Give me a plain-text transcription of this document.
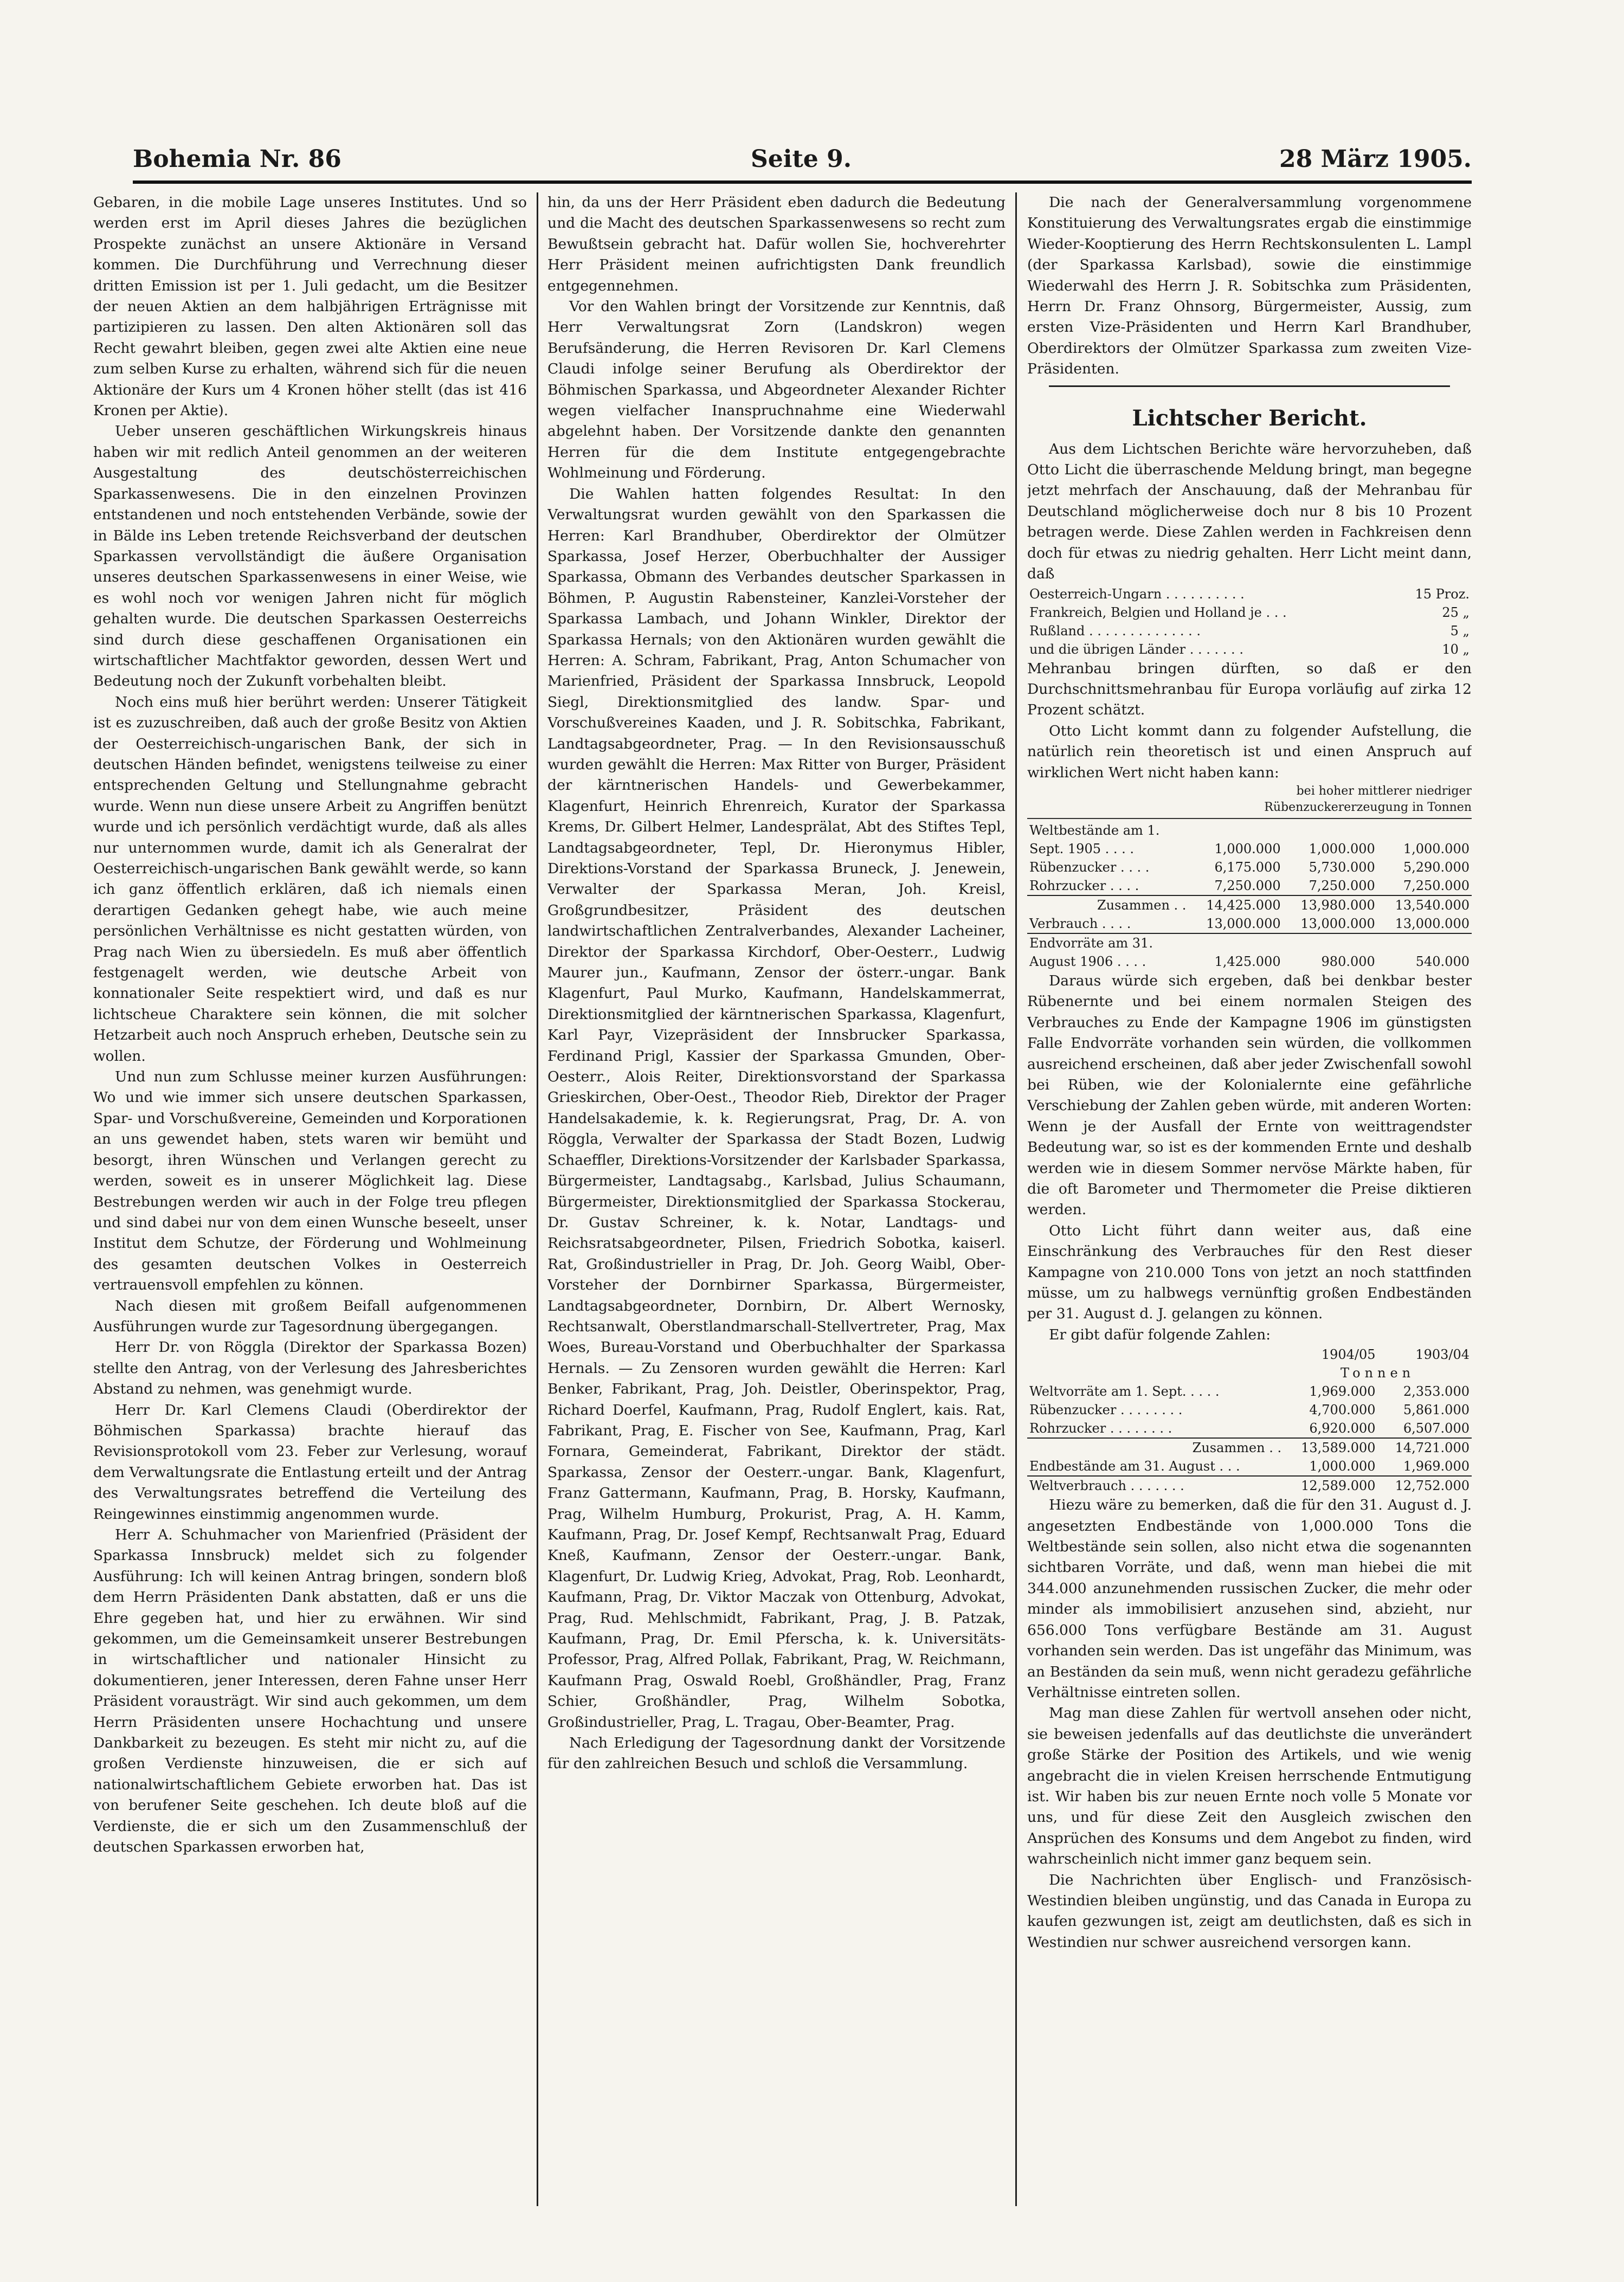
Bohemia Nr. 86	Seite 9.	28 März 1905.

Gebaren, in die mobile Lage unseres Institutes. Und so werden erst im April dieses Jahres die bezüglichen Prospekte zunächst an unsere Aktionäre in Versand kommen. Die Durchführung und Verrechnung dieser dritten Emission ist per 1. Juli gedacht, um die Besitzer der neuen Aktien an dem halbjährigen Erträgnisse mit partizipieren zu lassen. Den alten Aktionären soll das Recht gewahrt bleiben, gegen zwei alte Aktien eine neue zum selben Kurse zu erhalten, während sich für die neuen Aktionäre der Kurs um 4 Kronen höher stellt (das ist 416 Kronen per Aktie).

Ueber unseren geschäftlichen Wirkungskreis hinaus haben wir mit redlich Anteil genommen an der weiteren Ausgestaltung des deutschösterreichischen Sparkassenwesens. Die in den einzelnen Provinzen entstandenen und noch entstehenden Verbände, sowie der in Bälde ins Leben tretende Reichsverband der deutschen Sparkassen vervollständigt die äußere Organisation unseres deutschen Sparkassenwesens in einer Weise, wie es wohl noch vor wenigen Jahren nicht für möglich gehalten wurde. Die deutschen Sparkassen Oesterreichs sind durch diese geschaffenen Organisationen ein wirtschaftlicher Machtfaktor geworden, dessen Wert und Bedeutung noch der Zukunft vorbehalten bleibt.

Noch eins muß hier berührt werden: Unserer Tätigkeit ist es zuzuschreiben, daß auch der große Besitz von Aktien der Oesterreichisch-ungarischen Bank, der sich in deutschen Händen befindet, wenigstens teilweise zu einer entsprechenden Geltung und Stellungnahme gebracht wurde. Wenn nun diese unsere Arbeit zu Angriffen benützt wurde und ich persönlich verdächtigt wurde, daß als alles nur unternommen wurde, damit ich als Generalrat der Oesterreichisch-ungarischen Bank gewählt werde, so kann ich ganz öffentlich erklären, daß ich niemals einen derartigen Gedanken gehegt habe, wie auch meine persönlichen Verhältnisse es nicht gestatten würden, von Prag nach Wien zu übersiedeln. Es muß aber öffentlich festgenagelt werden, wie deutsche Arbeit von konnationaler Seite respektiert wird, und daß es nur lichtscheue Charaktere sein können, die mit solcher Hetzarbeit auch noch Anspruch erheben, Deutsche sein zu wollen.

Und nun zum Schlusse meiner kurzen Ausführungen: Wo und wie immer sich unsere deutschen Sparkassen, Spar- und Vorschußvereine, Gemeinden und Korporationen an uns gewendet haben, stets waren wir bemüht und besorgt, ihren Wünschen und Verlangen gerecht zu werden, soweit es in unserer Möglichkeit lag. Diese Bestrebungen werden wir auch in der Folge treu pflegen und sind dabei nur von dem einen Wunsche beseelt, unser Institut dem Schutze, der Förderung und Wohlmeinung des gesamten deutschen Volkes in Oesterreich vertrauensvoll empfehlen zu können.

Nach diesen mit großem Beifall aufgenommenen Ausführungen wurde zur Tagesordnung übergegangen.

Herr Dr. von Röggla (Direktor der Sparkassa Bozen) stellte den Antrag, von der Verlesung des Jahresberichtes Abstand zu nehmen, was genehmigt wurde.

Herr Dr. Karl Clemens Claudi (Oberdirektor der Böhmischen Sparkassa) brachte hierauf das Revisionsprotokoll vom 23. Feber zur Verlesung, worauf dem Verwaltungsrate die Entlastung erteilt und der Antrag des Verwaltungsrates betreffend die Verteilung des Reingewinnes einstimmig angenommen wurde.

Herr A. Schuhmacher von Marienfried (Präsident der Sparkassa Innsbruck) meldet sich zu folgender Ausführung: Ich will keinen Antrag bringen, sondern bloß dem Herrn Präsidenten Dank abstatten, daß er uns die Ehre gegeben hat, und hier zu erwähnen. Wir sind gekommen, um die Gemeinsamkeit unserer Bestrebungen in wirtschaftlicher und nationaler Hinsicht zu dokumentieren, jener Interessen, deren Fahne unser Herr Präsident vorausträgt. Wir sind auch gekommen, um dem Herrn Präsidenten unsere Hochachtung und unsere Dankbarkeit zu bezeugen. Es steht mir nicht zu, auf die großen Verdienste hinzuweisen, die er sich auf nationalwirtschaftlichem Gebiete erworben hat. Das ist von berufener Seite geschehen. Ich deute bloß auf die Verdienste, die er sich um den Zusammenschluß der deutschen Sparkassen erworben hat,

hin, da uns der Herr Präsident eben dadurch die Bedeutung und die Macht des deutschen Sparkassenwesens so recht zum Bewußtsein gebracht hat. Dafür wollen Sie, hochverehrter Herr Präsident meinen aufrichtigsten Dank freundlich entgegennehmen.

Vor den Wahlen bringt der Vorsitzende zur Kenntnis, daß Herr Verwaltungsrat Zorn (Landskron) wegen Berufsänderung, die Herren Revisoren Dr. Karl Clemens Claudi infolge seiner Berufung als Oberdirektor der Böhmischen Sparkassa, und Abgeordneter Alexander Richter wegen vielfacher Inanspruchnahme eine Wiederwahl abgelehnt haben. Der Vorsitzende dankte den genannten Herren für die dem Institute entgegengebrachte Wohlmeinung und Förderung.

Die Wahlen hatten folgendes Resultat: In den Verwaltungsrat wurden gewählt von den Sparkassen die Herren: Karl Brandhuber, Oberdirektor der Olmützer Sparkassa, Josef Herzer, Oberbuchhalter der Aussiger Sparkassa, Obmann des Verbandes deutscher Sparkassen in Böhmen, P. Augustin Rabensteiner, Kanzlei-Vorsteher der Sparkassa Lambach, und Johann Winkler, Direktor der Sparkassa Hernals; von den Aktionären wurden gewählt die Herren: A. Schram, Fabrikant, Prag, Anton Schumacher von Marienfried, Präsident der Sparkassa Innsbruck, Leopold Siegl, Direktionsmitglied des landw. Spar- und Vorschußvereines Kaaden, und J. R. Sobitschka, Fabrikant, Landtagsabgeordneter, Prag. — In den Revisionsausschuß wurden gewählt die Herren: Max Ritter von Burger, Präsident der kärntnerischen Handels- und Gewerbekammer, Klagenfurt, Heinrich Ehrenreich, Kurator der Sparkassa Krems, Dr. Gilbert Helmer, Landesprälat, Abt des Stiftes Tepl, Landtagsabgeordneter, Tepl, Dr. Hieronymus Hibler, Direktions-Vorstand der Sparkassa Bruneck, J. Jenewein, Verwalter der Sparkassa Meran, Joh. Kreisl, Großgrundbesitzer, Präsident des deutschen landwirtschaftlichen Zentralverbandes, Alexander Lacheiner, Direktor der Sparkassa Kirchdorf, Ober-Oesterr., Ludwig Maurer jun., Kaufmann, Zensor der österr.-ungar. Bank Klagenfurt, Paul Murko, Kaufmann, Handelskammerrat, Direktionsmitglied der kärntnerischen Sparkassa, Klagenfurt, Karl Payr, Vizepräsident der Innsbrucker Sparkassa, Ferdinand Prigl, Kassier der Sparkassa Gmunden, Ober-Oesterr., Alois Reiter, Direktionsvorstand der Sparkassa Grieskirchen, Ober-Oest., Theodor Rieb, Direktor der Prager Handelsakademie, k. k. Regierungsrat, Prag, Dr. A. von Röggla, Verwalter der Sparkassa der Stadt Bozen, Ludwig Schaeffler, Direktions-Vorsitzender der Karlsbader Sparkassa, Bürgermeister, Landtagsabg., Karlsbad, Julius Schaumann, Bürgermeister, Direktionsmitglied der Sparkassa Stockerau, Dr. Gustav Schreiner, k. k. Notar, Landtags- und Reichsratsabgeordneter, Pilsen, Friedrich Sobotka, kaiserl. Rat, Großindustrieller in Prag, Dr. Joh. Georg Waibl, Ober-Vorsteher der Dornbirner Sparkassa, Bürgermeister, Landtagsabgeordneter, Dornbirn, Dr. Albert Wernosky, Rechtsanwalt, Oberstlandmarschall-Stellvertreter, Prag, Max Woes, Bureau-Vorstand und Oberbuchhalter der Sparkassa Hernals. — Zu Zensoren wurden gewählt die Herren: Karl Benker, Fabrikant, Prag, Joh. Deistler, Oberinspektor, Prag, Richard Doerfel, Kaufmann, Prag, Rudolf Englert, kais. Rat, Fabrikant, Prag, E. Fischer von See, Kaufmann, Prag, Karl Fornara, Gemeinderat, Fabrikant, Direktor der städt. Sparkassa, Zensor der Oesterr.-ungar. Bank, Klagenfurt, Franz Gattermann, Kaufmann, Prag, B. Horsky, Kaufmann, Prag, Wilhelm Humburg, Prokurist, Prag, A. H. Kamm, Kaufmann, Prag, Dr. Josef Kempf, Rechtsanwalt Prag, Eduard Kneß, Kaufmann, Zensor der Oesterr.-ungar. Bank, Klagenfurt, Dr. Ludwig Krieg, Advokat, Prag, Rob. Leonhardt, Kaufmann, Prag, Dr. Viktor Maczak von Ottenburg, Advokat, Prag, Rud. Mehlschmidt, Fabrikant, Prag, J. B. Patzak, Kaufmann, Prag, Dr. Emil Pferscha, k. k. Universitäts-Professor, Prag, Alfred Pollak, Fabrikant, Prag, W. Reichmann, Kaufmann Prag, Oswald Roebl, Großhändler, Prag, Franz Schier, Großhändler, Prag, Wilhelm Sobotka, Großindustrieller, Prag, L. Tragau, Ober-Beamter, Prag.

Nach Erledigung der Tagesordnung dankt der Vorsitzende für den zahlreichen Besuch und schloß die Versammlung.

Die nach der Generalversammlung vorgenommene Konstituierung des Verwaltungsrates ergab die einstimmige Wieder-Kooptierung des Herrn Rechtskonsulenten L. Lampl (der Sparkassa Karlsbad), sowie die einstimmige Wiederwahl des Herrn J. R. Sobitschka zum Präsidenten, Herrn Dr. Franz Ohnsorg, Bürgermeister, Aussig, zum ersten Vize-Präsidenten und Herrn Karl Brandhuber, Oberdirektors der Olmützer Sparkassa zum zweiten Vize-Präsidenten.

Lichtscher Bericht.

Aus dem Lichtschen Berichte wäre hervorzuheben, daß Otto Licht die überraschende Meldung bringt, man begegne jetzt mehrfach der Anschauung, daß der Mehranbau für Deutschland möglicherweise doch nur 8 bis 10 Prozent betragen werde. Diese Zahlen werden in Fachkreisen denn doch für etwas zu niedrig gehalten. Herr Licht meint dann, daß

Oesterreich-Ungarn . . . . . . . . . .	15 Proz.
Frankreich, Belgien und Holland je . . .	25 „
Rußland . . . . . . . . . . . . . .	5 „
und die übrigen Länder . . . . . . .	10 „

Mehranbau bringen dürften, so daß er den Durchschnittsmehranbau für Europa vorläufig auf zirka 12 Prozent schätzt.

Otto Licht kommt dann zu folgender Aufstellung, die natürlich rein theoretisch ist und einen Anspruch auf wirklichen Wert nicht haben kann:

bei hoher mittlerer niedriger

Rübenzuckererzeugung in Tonnen

Weltbestände am 1.			
Sept. 1905 . . . .	1,000.000	1,000.000	1,000.000
Rübenzucker . . . .	6,175.000	5,730.000	5,290.000
Rohrzucker . . . .	7,250.000	7,250.000	7,250.000
Zusammen . .	14,425.000	13,980.000	13,540.000
Verbrauch . . . .	13,000.000	13,000.000	13,000.000
Endvorräte am 31.			
August 1906 . . . .	1,425.000	980.000	540.000

Daraus würde sich ergeben, daß bei denkbar bester Rübenernte und bei einem normalen Steigen des Verbrauches zu Ende der Kampagne 1906 im günstigsten Falle Endvorräte vorhanden sein würden, die vollkommen ausreichend erscheinen, daß aber jeder Zwischenfall sowohl bei Rüben, wie der Kolonialernte eine gefährliche Verschiebung der Zahlen geben würde, mit anderen Worten: Wenn je der Ausfall der Ernte von weittragendster Bedeutung war, so ist es der kommenden Ernte und deshalb werden wie in diesem Sommer nervöse Märkte haben, für die oft Barometer und Thermometer die Preise diktieren werden.

Otto Licht führt dann weiter aus, daß eine Einschränkung des Verbrauches für den Rest dieser Kampagne von 210.000 Tons von jetzt an noch stattfinden müsse, um zu halbwegs vernünftig großen Endbeständen per 31. August d. J. gelangen zu können.

Er gibt dafür folgende Zahlen:

	1904/05	1903/04
	Tonnen	
Weltvorräte am 1. Sept. . . . .	1,969.000	2,353.000
Rübenzucker . . . . . . . .	4,700.000	5,861.000
Rohrzucker . . . . . . . .	6,920.000	6,507.000
Zusammen . .	13,589.000	14,721.000
Endbestände am 31. August . . .	1,000.000	1,969.000
Weltverbrauch . . . . . . .	12,589.000	12,752.000

Hiezu wäre zu bemerken, daß die für den 31. August d. J. angesetzten Endbestände von 1,000.000 Tons die Weltbestände sein sollen, also nicht etwa die sogenannten sichtbaren Vorräte, und daß, wenn man hiebei die mit 344.000 anzunehmenden russischen Zucker, die mehr oder minder als immobilisiert anzusehen sind, abzieht, nur 656.000 Tons verfügbare Bestände am 31. August vorhanden sein werden. Das ist ungefähr das Minimum, was an Beständen da sein muß, wenn nicht geradezu gefährliche Verhältnisse eintreten sollen.

Mag man diese Zahlen für wertvoll ansehen oder nicht, sie beweisen jedenfalls auf das deutlichste die unverändert große Stärke der Position des Artikels, und wie wenig angebracht die in vielen Kreisen herrschende Entmutigung ist. Wir haben bis zur neuen Ernte noch volle 5 Monate vor uns, und für diese Zeit den Ausgleich zwischen den Ansprüchen des Konsums und dem Angebot zu finden, wird wahrscheinlich nicht immer ganz bequem sein.

Die Nachrichten über Englisch- und Französisch-Westindien bleiben ungünstig, und das Canada in Europa zu kaufen gezwungen ist, zeigt am deutlichsten, daß es sich in Westindien nur schwer ausreichend versorgen kann.
